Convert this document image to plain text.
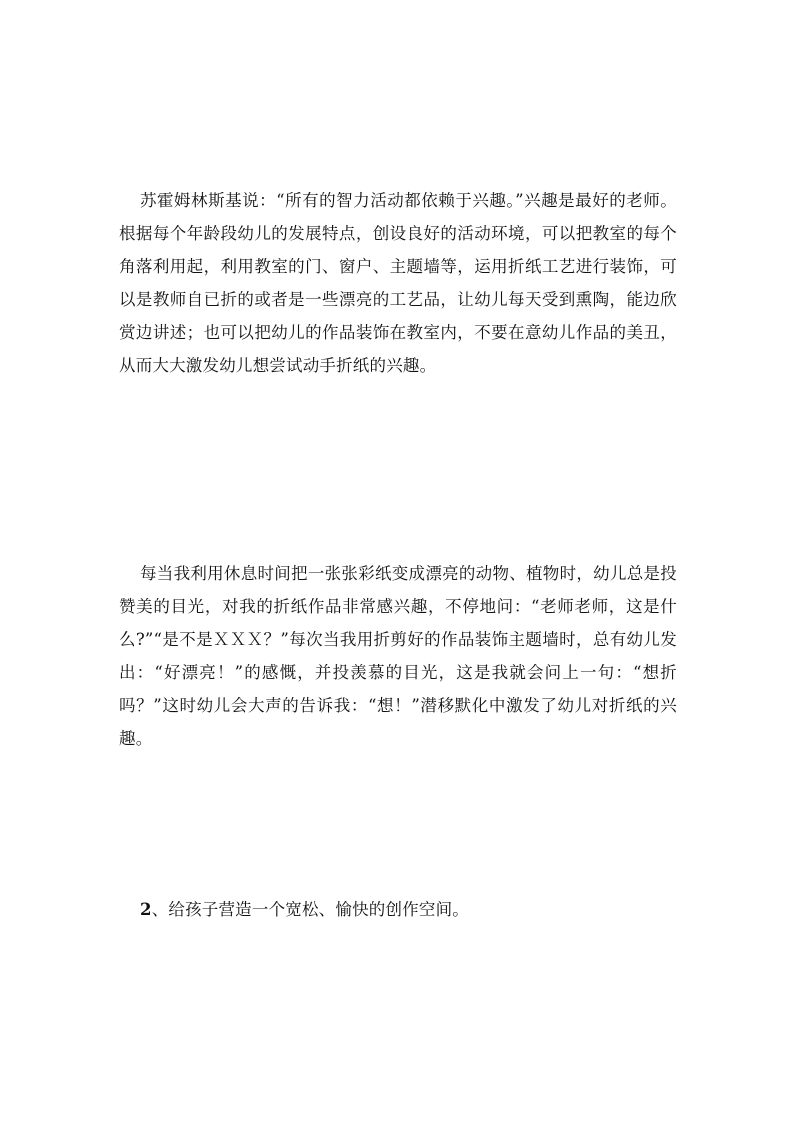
苏霍姆林斯基说：“所有的智力活动都依赖于兴趣。”兴趣是最好的老师。根据每个年龄段幼儿的发展特点，创设良好的活动环境，可以把教室的每个角落利用起，利用教室的门、窗户、主题墙等，运用折纸工艺进行装饰，可以是教师自已折的或者是一些漂亮的工艺品，让幼儿每天受到熏陶，能边欣赏边讲述；也可以把幼儿的作品装饰在教室内，不要在意幼儿作品的美丑，从而大大激发幼儿想尝试动手折纸的兴趣。

每当我利用休息时间把一张张彩纸变成漂亮的动物、植物时，幼儿总是投赞美的目光，对我的折纸作品非常感兴趣，不停地问：“老师老师，这是什么?”“是不是ＸＸＸ？”每次当我用折剪好的作品装饰主题墙时，总有幼儿发出：“好漂亮！”的感慨，并投羡慕的目光，这是我就会问上一句：“想折吗？”这时幼儿会大声的告诉我：“想！”潜移默化中激发了幼儿对折纸的兴趣。

2、给孩子营造一个宽松、愉快的创作空间。
